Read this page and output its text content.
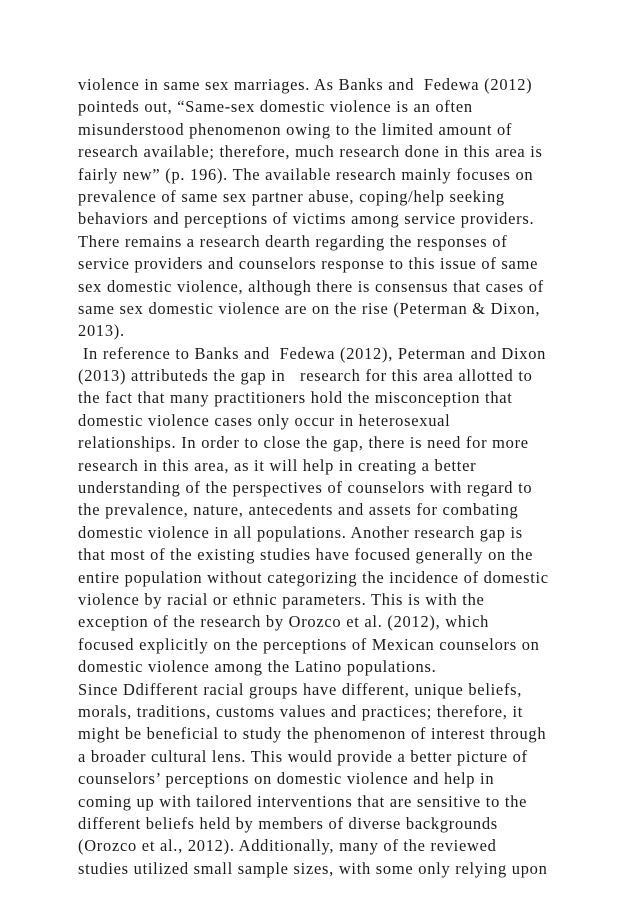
violence in same sex marriages. As Banks and  Fedewa (2012)
pointeds out, “Same-sex domestic violence is an often
misunderstood phenomenon owing to the limited amount of
research available; therefore, much research done in this area is
fairly new” (p. 196). The available research mainly focuses on
prevalence of same sex partner abuse, coping/help seeking
behaviors and perceptions of victims among service providers.
There remains a research dearth regarding the responses of
service providers and counselors response to this issue of same
sex domestic violence, although there is consensus that cases of
same sex domestic violence are on the rise (Peterman & Dixon,
2013).
In reference to Banks and  Fedewa (2012), Peterman and Dixon
(2013) attributeds the gap in   research for this area allotted to
the fact that many practitioners hold the misconception that
domestic violence cases only occur in heterosexual
relationships. In order to close the gap, there is need for more
research in this area, as it will help in creating a better
understanding of the perspectives of counselors with regard to
the prevalence, nature, antecedents and assets for combating
domestic violence in all populations. Another research gap is
that most of the existing studies have focused generally on the
entire population without categorizing the incidence of domestic
violence by racial or ethnic parameters. This is with the
exception of the research by Orozco et al. (2012), which
focused explicitly on the perceptions of Mexican counselors on
domestic violence among the Latino populations.
Since Ddifferent racial groups have different, unique beliefs,
morals, traditions, customs values and practices; therefore, it
might be beneficial to study the phenomenon of interest through
a broader cultural lens. This would provide a better picture of
counselors’ perceptions on domestic violence and help in
coming up with tailored interventions that are sensitive to the
different beliefs held by members of diverse backgrounds
(Orozco et al., 2012). Additionally, many of the reviewed
studies utilized small sample sizes, with some only relying upon
